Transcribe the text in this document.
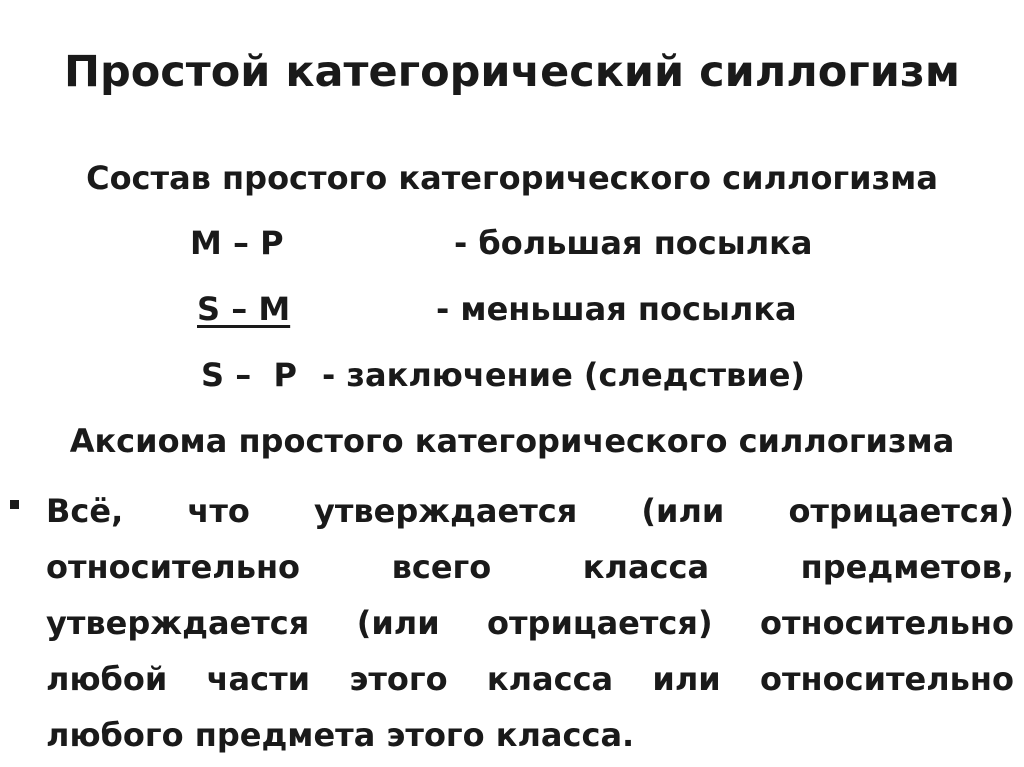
Простой категорический силлогизм
Состав простого категорического силлогизма
M – P	- большая посылка
S – M	- меньшая посылка
S –  P - заключение (следствие)
Аксиома простого категорического силлогизма
Всё, что утверждается (или отрицается)
относительно всего класса предметов,
утверждается (или отрицается) относительно
любой части этого класса или относительно
любого предмета этого класса.
